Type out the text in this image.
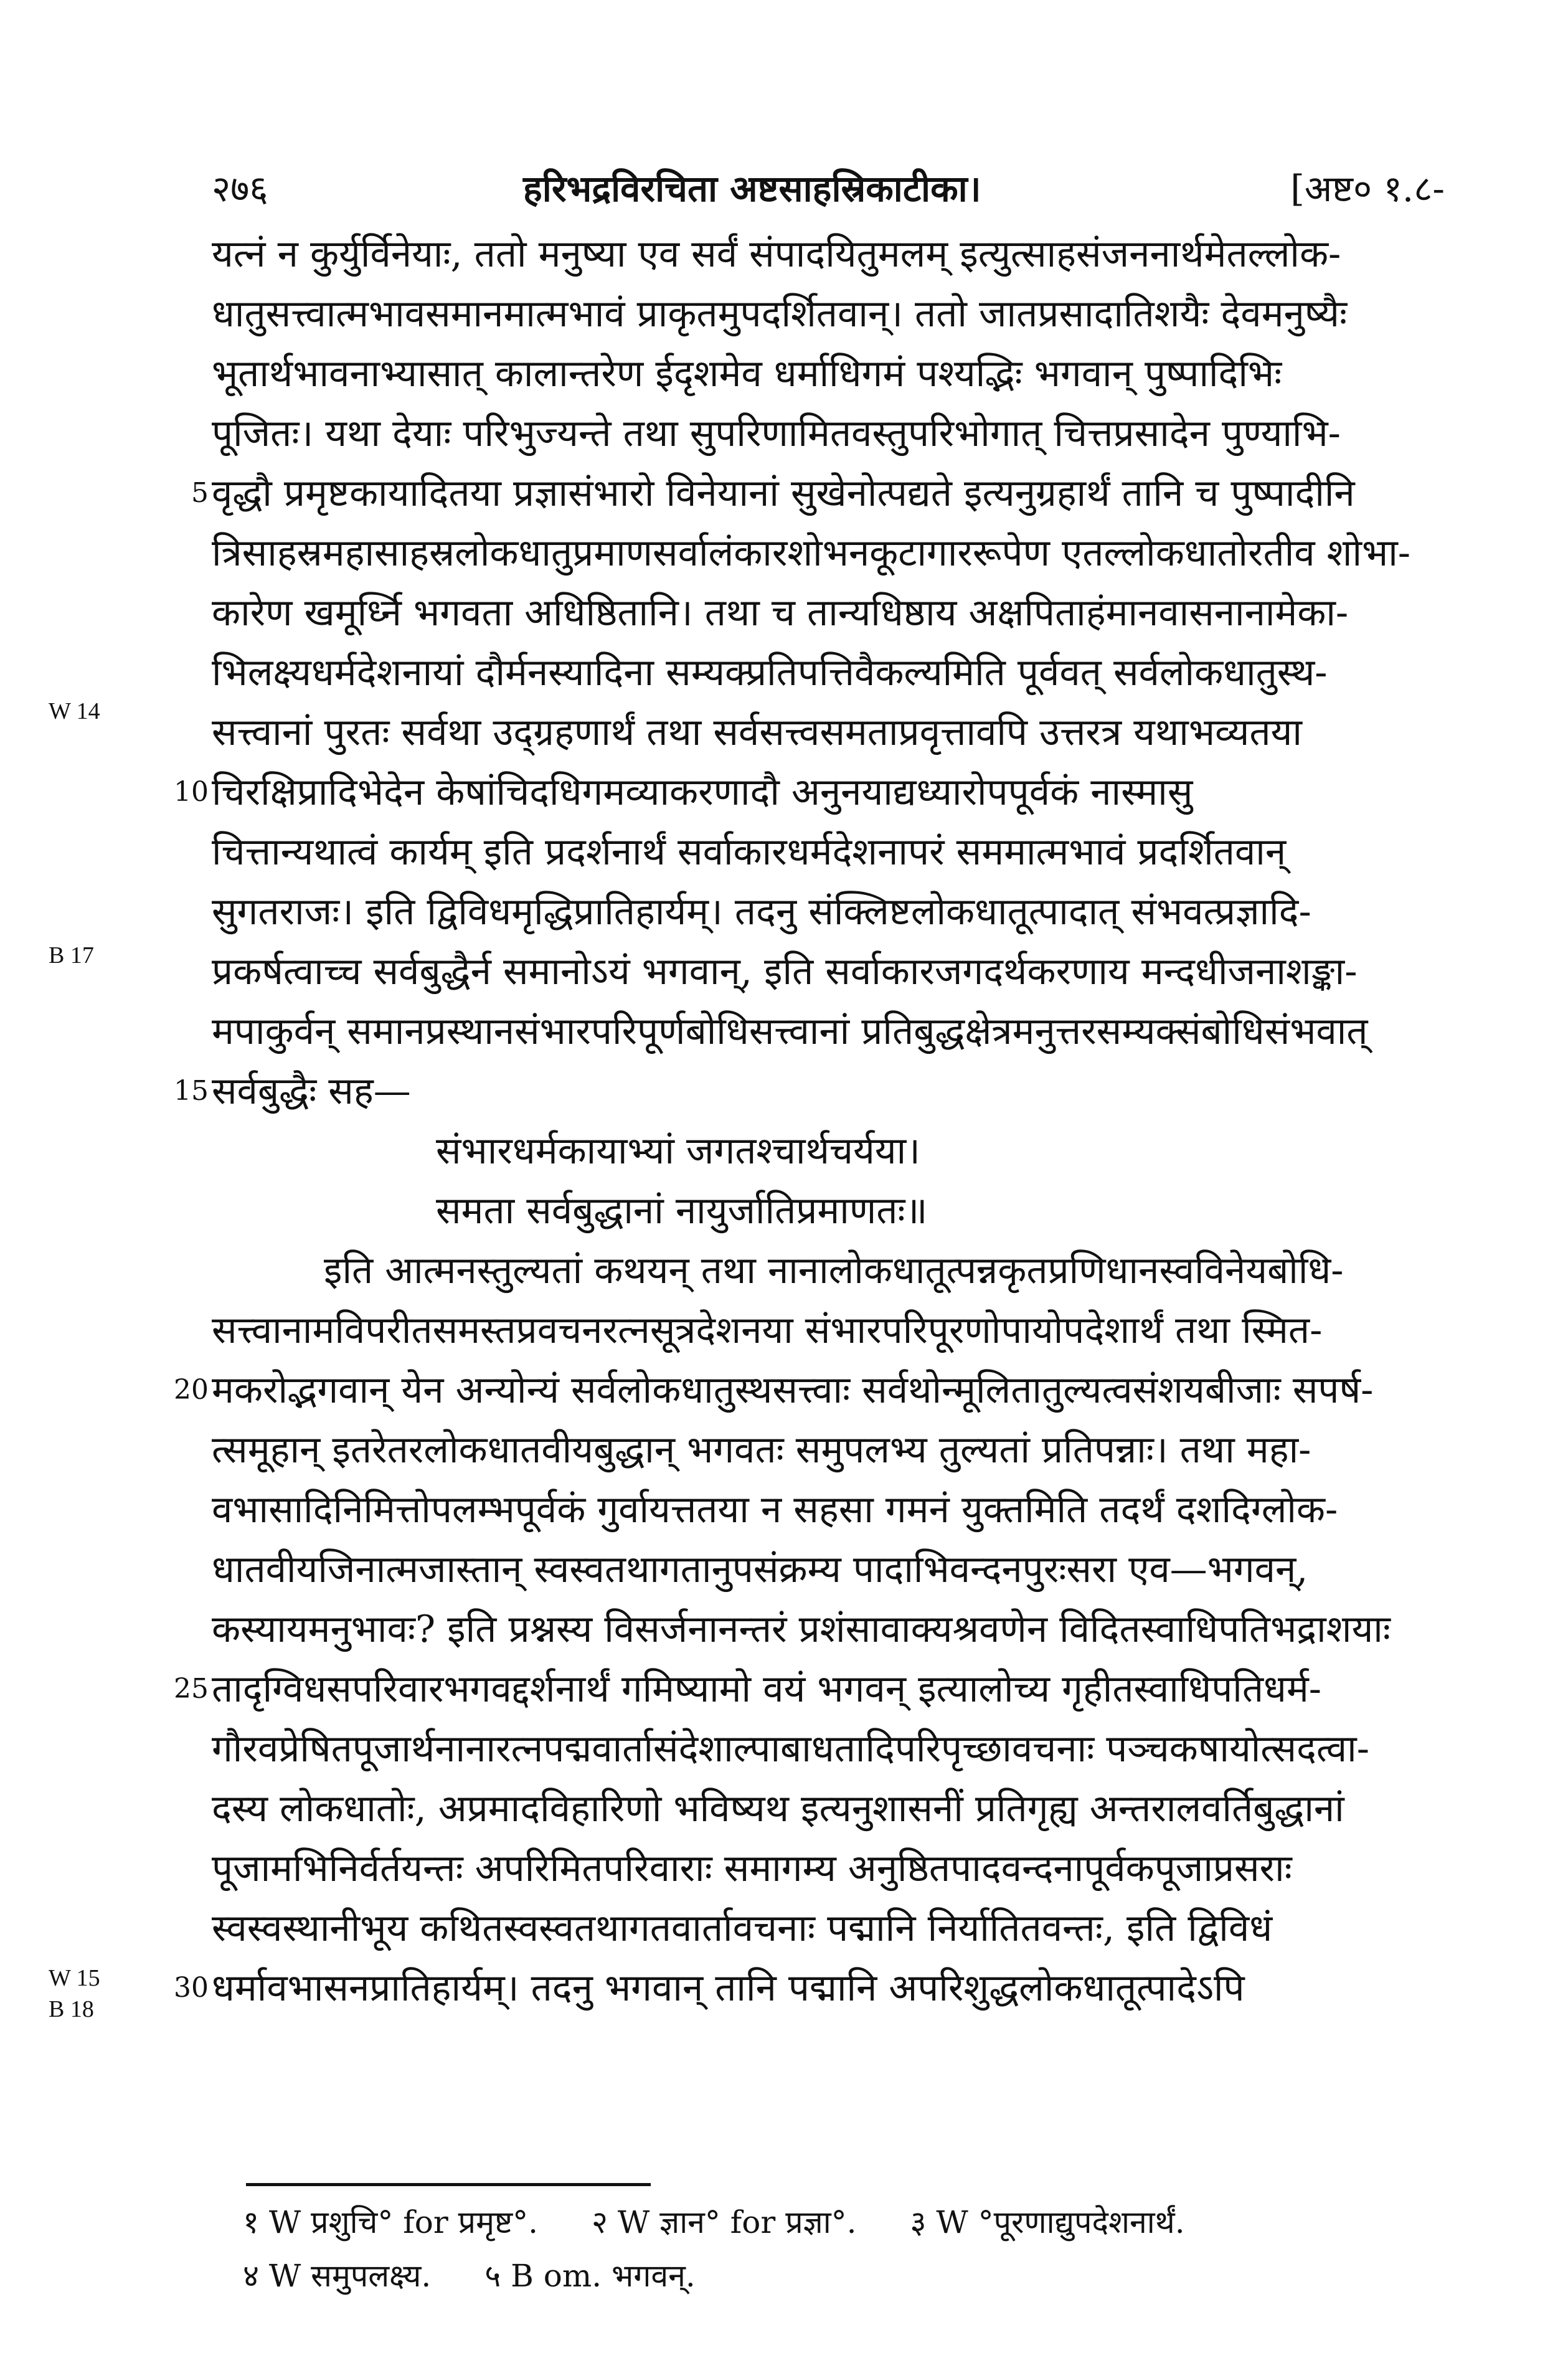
२७६	हरिभद्रविरचिता अष्टसाहस्रिकाटीका।	[अष्ट० १.८-
W 14
B 17
W 15
B 18
यत्नं न कुर्युर्विनेयाः, ततो मनुष्या एव सर्वं संपादयितुमलम् इत्युत्साहसंजननार्थमेतल्लोक-
धातुसत्त्वात्मभावसमानमात्मभावं प्राकृतमुपदर्शितवान्। ततो जातप्रसादातिशयैः देवमनुष्यैः
भूतार्थभावनाभ्यासात् कालान्तरेण ईदृशमेव धर्माधिगमं पश्यद्भिः भगवान् पुष्पादिभिः
पूजितः। यथा देयाः परिभुज्यन्ते तथा सुपरिणामितवस्तुपरिभोगात् चित्तप्रसादेन पुण्याभि-
5 वृद्धौ प्रमृष्टकायादितया प्रज्ञासंभारो विनेयानां सुखेनोत्पद्यते इत्यनुग्रहार्थं तानि च पुष्पादीनि
त्रिसाहस्रमहासाहस्रलोकधातुप्रमाणसर्वालंकारशोभनकूटागाररूपेण एतल्लोकधातोरतीव शोभा-
कारेण खमूर्ध्नि भगवता अधिष्ठितानि। तथा च तान्यधिष्ठाय अक्षपिताहंमानवासनानामेका-
भिलक्ष्यधर्मदेशनायां दौर्मनस्यादिना सम्यक्प्रतिपत्तिवैकल्यमिति पूर्ववत् सर्वलोकधातुस्थ-
सत्त्वानां पुरतः सर्वथा उद्ग्रहणार्थं तथा सर्वसत्त्वसमताप्रवृत्तावपि उत्तरत्र यथाभव्यतया
10 चिरक्षिप्रादिभेदेन केषांचिदधिगमव्याकरणादौ अनुनयाद्यध्यारोपपूर्वकं नास्मासु
चित्तान्यथात्वं कार्यम् इति प्रदर्शनार्थं सर्वाकारधर्मदेशनापरं सममात्मभावं प्रदर्शितवान्
सुगतराजः। इति द्विविधमृद्धिप्रातिहार्यम्। तदनु संक्लिष्टलोकधातूत्पादात् संभवत्प्रज्ञादि-
प्रकर्षत्वाच्च सर्वबुद्धैर्न समानोऽयं भगवान्, इति सर्वाकारजगदर्थकरणाय मन्दधीजनाशङ्का-
मपाकुर्वन् समानप्रस्थानसंभारपरिपूर्णबोधिसत्त्वानां प्रतिबुद्धक्षेत्रमनुत्तरसम्यक्संबोधिसंभवात्
15 सर्वबुद्धैः सह—
संभारधर्मकायाभ्यां जगतश्चार्थचर्यया।
समता सर्वबुद्धानां नायुर्जातिप्रमाणतः॥
इति आत्मनस्तुल्यतां कथयन् तथा नानालोकधातूत्पन्नकृतप्रणिधानस्वविनेयबोधि-
सत्त्वानामविपरीतसमस्तप्रवचनरत्नसूत्रदेशनया संभारपरिपूरणोपायोपदेशार्थं तथा स्मित-
20 मकरोद्भगवान् येन अन्योन्यं सर्वलोकधातुस्थसत्त्वाः सर्वथोन्मूलितातुल्यत्वसंशयबीजाः सपर्ष-
त्समूहान् इतरेतरलोकधातवीयबुद्धान् भगवतः समुपलभ्य तुल्यतां प्रतिपन्नाः। तथा महा-
वभासादिनिमित्तोपलम्भपूर्वकं गुर्वायत्ततया न सहसा गमनं युक्तमिति तदर्थं दशदिग्लोक-
धातवीयजिनात्मजास्तान् स्वस्वतथागतानुपसंक्रम्य पादाभिवन्दनपुरःसरा एव—भगवन्,
कस्यायमनुभावः? इति प्रश्नस्य विसर्जनानन्तरं प्रशंसावाक्यश्रवणेन विदितस्वाधिपतिभद्राशयाः
25 तादृग्विधसपरिवारभगवद्दर्शनार्थं गमिष्यामो वयं भगवन् इत्यालोच्य गृहीतस्वाधिपतिधर्म-
गौरवप्रेषितपूजार्थनानारत्नपद्मवार्तासंदेशाल्पाबाधतादिपरिपृच्छावचनाः पञ्चकषायोत्सदत्वा-
दस्य लोकधातोः, अप्रमादविहारिणो भविष्यथ इत्यनुशासनीं प्रतिगृह्य अन्तरालवर्तिबुद्धानां
पूजामभिनिर्वर्तयन्तः अपरिमितपरिवाराः समागम्य अनुष्ठितपादवन्दनापूर्वकपूजाप्रसराः
स्वस्वस्थानीभूय कथितस्वस्वतथागतवार्तावचनाः पद्मानि निर्यातितवन्तः, इति द्विविधं
30 धर्मावभासनप्रातिहार्यम्। तदनु भगवान् तानि पद्मानि अपरिशुद्धलोकधातूत्पादेऽपि
१ W प्रशुचि° for प्रमृष्ट°. २ W ज्ञान° for प्रज्ञा°. ३ W °पूरणाद्युपदेशनार्थं.
४ W समुपलक्ष्य. ५ B om. भगवन्.
